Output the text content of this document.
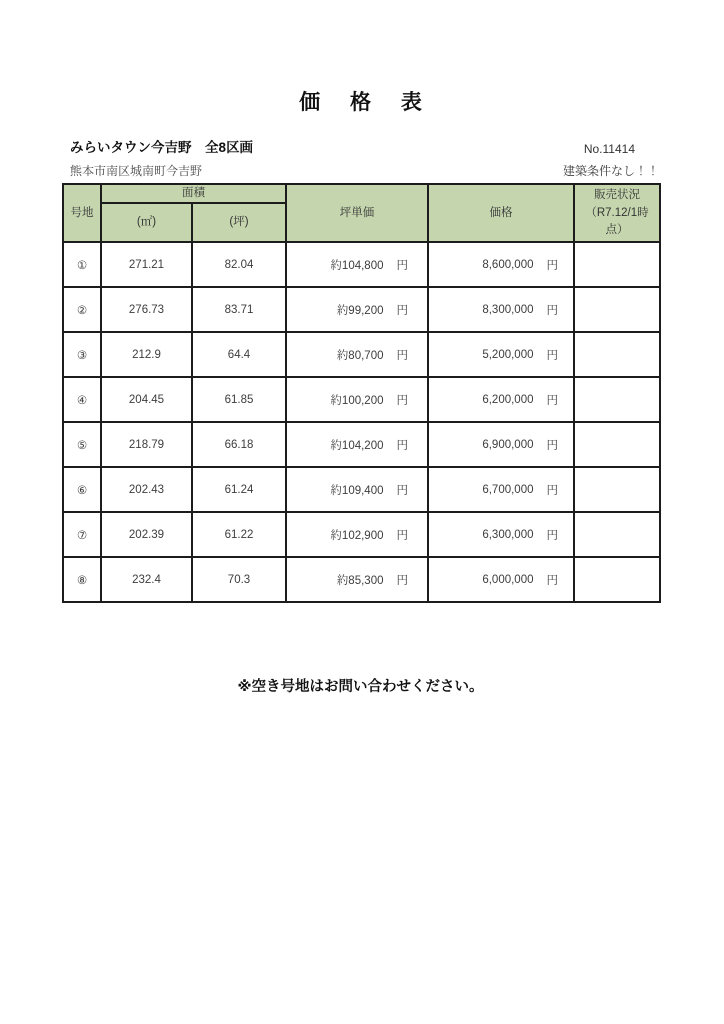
価 格 表
みらいタウン今吉野　全8区画	No.11414
熊本市南区城南町今吉野	建築条件なし！！
号地	面積		坪単価	価格	販売状況
（R7.12/1時点）
	(㎡)	(坪)			
①	271.21	82.04	約104,800 円	8,600,000 円	

②	276.73	83.71	約99,200 円	8,300,000 円	

③	212.9	64.4	約80,700 円	5,200,000 円	

④	204.45	61.85	約100,200 円	6,200,000 円	

⑤	218.79	66.18	約104,200 円	6,900,000 円	

⑥	202.43	61.24	約109,400 円	6,700,000 円	

⑦	202.39	61.22	約102,900 円	6,300,000 円	

⑧	232.4	70.3	約85,300 円	6,000,000 円	

※空き号地はお問い合わせください。
